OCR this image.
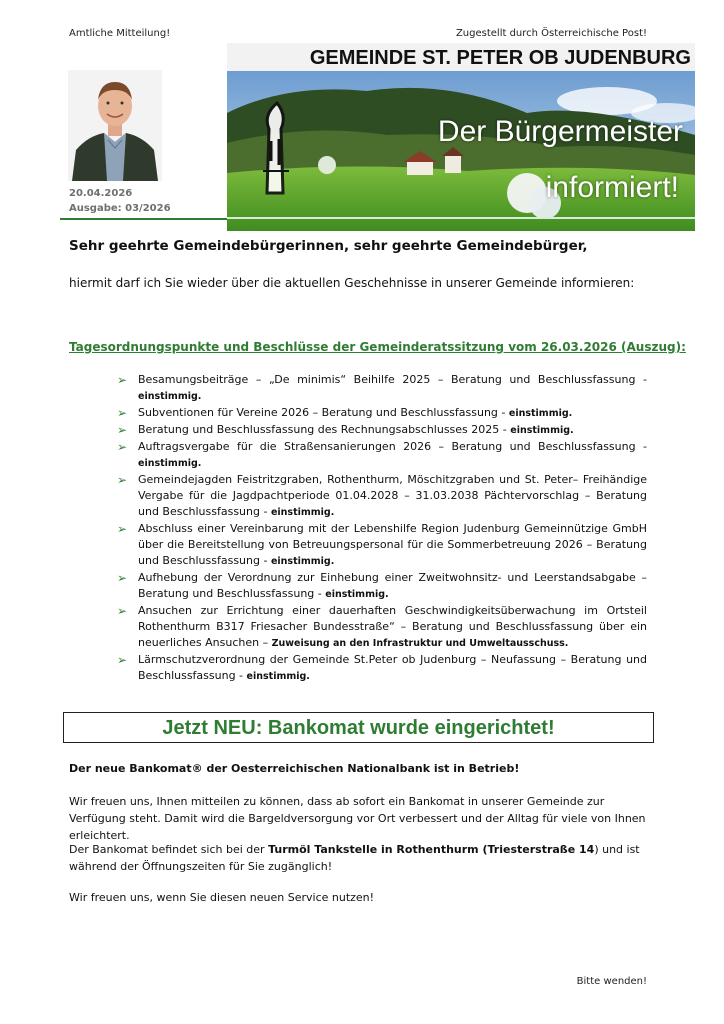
Amtliche Mitteilung!	Zugestellt durch Österreichische Post!
20.04.2026
Ausgabe: 03/2026
GEMEINDE ST. PETER OB JUDENBURG
Der Bürgermeister
informiert!
Sehr geehrte Gemeindebürgerinnen, sehr geehrte Gemeindebürger,
hiermit darf ich Sie wieder über die aktuellen Geschehnisse in unserer Gemeinde informieren:
Tagesordnungspunkte und Beschlüsse der Gemeinderatssitzung vom 26.03.2026 (Auszug):
➢ Besamungsbeiträge – „De minimis“ Beihilfe 2025 – Beratung und Beschlussfassung - einstimmig.
➢ Subventionen für Vereine 2026 – Beratung und Beschlussfassung - einstimmig.
➢ Beratung und Beschlussfassung des Rechnungsabschlusses 2025 - einstimmig.
➢ Auftragsvergabe für die Straßensanierungen 2026 – Beratung und Beschlussfassung - einstimmig.
➢ Gemeindejagden Feistritzgraben, Rothenthurm, Möschitzgraben und St. Peter– Freihändige Vergabe für die Jagdpachtperiode 01.04.2028 – 31.03.2038 Pächtervorschlag – Beratung und Beschlussfassung - einstimmig.
➢ Abschluss einer Vereinbarung mit der Lebenshilfe Region Judenburg Gemeinnützige GmbH über die Bereitstellung von Betreuungspersonal für die Sommerbetreuung 2026 – Beratung und Beschlussfassung - einstimmig.
➢ Aufhebung der Verordnung zur Einhebung einer Zweitwohnsitz- und Leerstandsabgabe – Beratung und Beschlussfassung - einstimmig.
➢ Ansuchen zur Errichtung einer dauerhaften Geschwindigkeitsüberwachung im Ortsteil Rothenthurm B317 Friesacher Bundesstraße“ – Beratung und Beschlussfassung über ein neuerliches Ansuchen – Zuweisung an den Infrastruktur und Umweltausschuss.
➢ Lärmschutzverordnung der Gemeinde St.Peter ob Judenburg – Neufassung – Beratung und Beschlussfassung - einstimmig.
Jetzt NEU: Bankomat wurde eingerichtet!
Der neue Bankomat® der Oesterreichischen Nationalbank ist in Betrieb!
Wir freuen uns, Ihnen mitteilen zu können, dass ab sofort ein Bankomat in unserer Gemeinde zur Verfügung steht. Damit wird die Bargeldversorgung vor Ort verbessert und der Alltag für viele von Ihnen erleichtert.
Der Bankomat befindet sich bei der Turmöl Tankstelle in Rothenthurm (Triesterstraße 14) und ist während der Öffnungszeiten für Sie zugänglich!
Wir freuen uns, wenn Sie diesen neuen Service nutzen!
Bitte wenden!
